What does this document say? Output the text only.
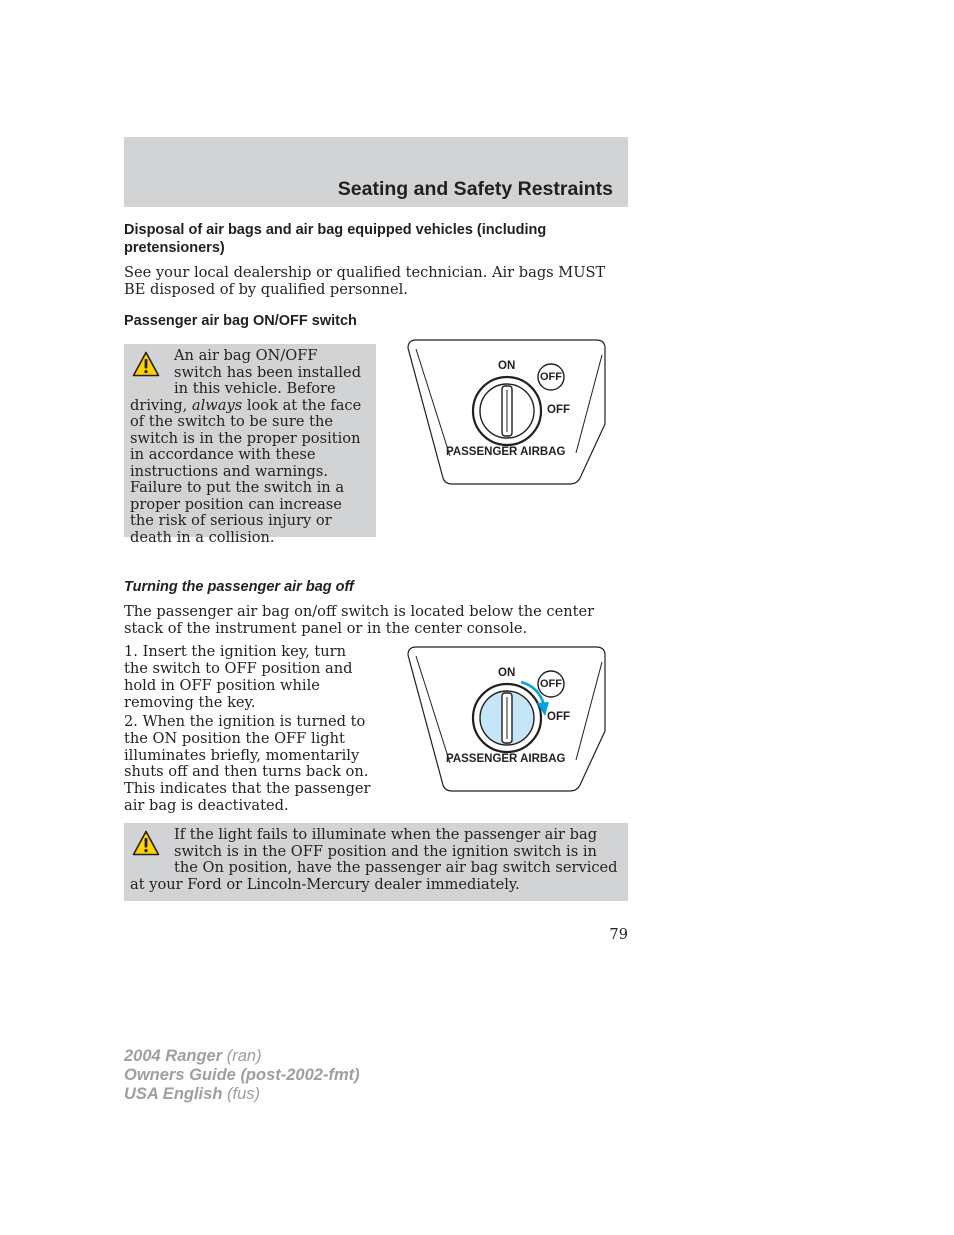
Seating and Safety Restraints
Disposal of air bags and air bag equipped vehicles (including pretensioners)
See your local dealership or qualified technician. Air bags MUST BE disposed of by qualified personnel.
Passenger air bag ON/OFF switch
An air bag ON/OFF switch has been installed in this vehicle. Before driving, always look at the face of the switch to be sure the switch is in the proper position in accordance with these instructions and warnings. Failure to put the switch in a proper position can increase the risk of serious injury or death in a collision.
ON
OFF
OFF
PASSENGER AIRBAG
Turning the passenger air bag off
The passenger air bag on/off switch is located below the center stack of the instrument panel or in the center console.
1. Insert the ignition key, turn the switch to OFF position and hold in OFF position while removing the key.
2. When the ignition is turned to the ON position the OFF light illuminates briefly, momentarily shuts off and then turns back on. This indicates that the passenger air bag is deactivated.
ON
OFF
OFF
PASSENGER AIRBAG
If the light fails to illuminate when the passenger air bag switch is in the OFF position and the ignition switch is in the On position, have the passenger air bag switch serviced at your Ford or Lincoln-Mercury dealer immediately.
79
2004 Ranger (ran)
Owners Guide (post-2002-fmt)
USA English (fus)
